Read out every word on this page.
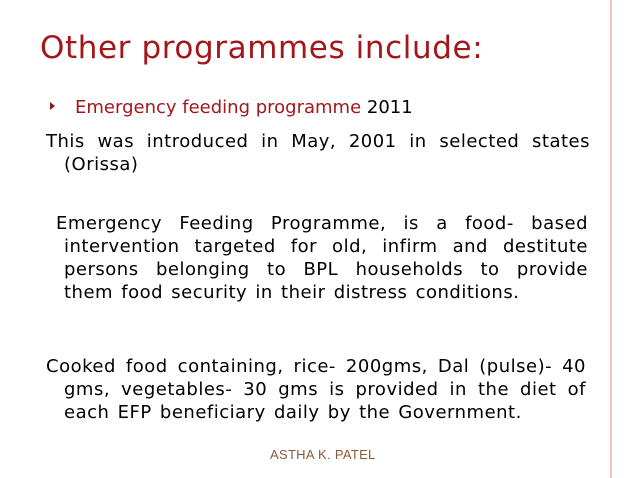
Other programmes include:
Emergency feeding programme 2011

This was introduced in May, 2001 in selected states (Orissa)

Emergency Feeding Programme, is a food- based intervention targeted for old, infirm and destitute persons belonging to BPL households to provide them food security in their distress conditions.

Cooked food containing, rice- 200gms, Dal (pulse)- 40 gms, vegetables- 30 gms is provided in the diet of each EFP beneficiary daily by the Government.

ASTHA K. PATEL
